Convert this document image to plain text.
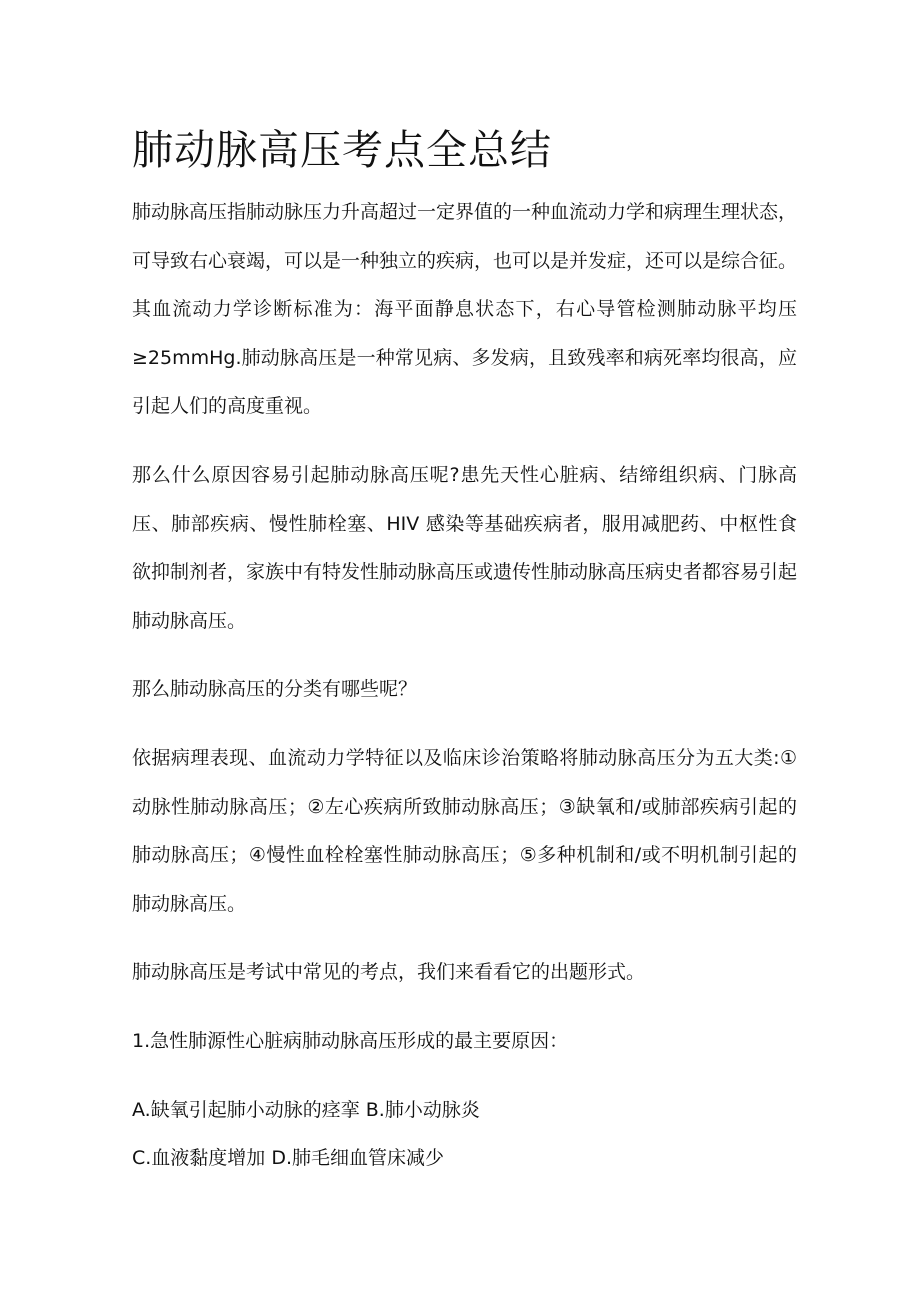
肺动脉高压考点全总结

肺动脉高压指肺动脉压力升高超过一定界值的一种血流动力学和病理生理状态，可导致右心衰竭，可以是一种独立的疾病，也可以是并发症，还可以是综合征。其血流动力学诊断标准为：海平面静息状态下，右心导管检测肺动脉平均压≥25mmHg.肺动脉高压是一种常见病、多发病，且致残率和病死率均很高，应引起人们的高度重视。

那么什么原因容易引起肺动脉高压呢?患先天性心脏病、结缔组织病、门脉高压、肺部疾病、慢性肺栓塞、HIV 感染等基础疾病者，服用减肥药、中枢性食欲抑制剂者，家族中有特发性肺动脉高压或遗传性肺动脉高压病史者都容易引起肺动脉高压。

那么肺动脉高压的分类有哪些呢？

依据病理表现、血流动力学特征以及临床诊治策略将肺动脉高压分为五大类:①动脉性肺动脉高压；②左心疾病所致肺动脉高压；③缺氧和/或肺部疾病引起的肺动脉高压；④慢性血栓栓塞性肺动脉高压；⑤多种机制和/或不明机制引起的肺动脉高压。

肺动脉高压是考试中常见的考点，我们来看看它的出题形式。

1.急性肺源性心脏病肺动脉高压形成的最主要原因：

A.缺氧引起肺小动脉的痉挛 B.肺小动脉炎

C.血液黏度增加 D.肺毛细血管床减少
